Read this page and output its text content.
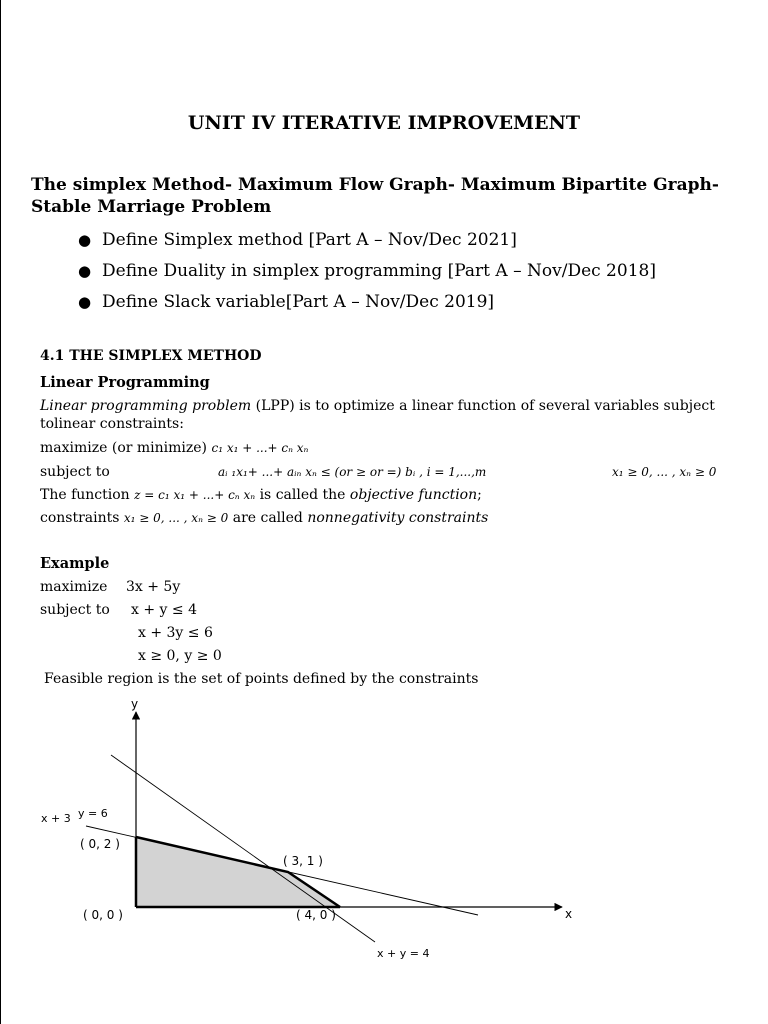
UNIT IV ITERATIVE IMPROVEMENT
The simplex Method- Maximum Flow Graph- Maximum Bipartite Graph- Stable Marriage Problem
● Define Simplex method [Part A – Nov/Dec 2021]
● Define Duality in simplex programming [Part A – Nov/Dec 2018]
● Define Slack variable[Part A – Nov/Dec 2019]
4.1 THE SIMPLEX METHOD
Linear Programming
Linear programming problem (LPP) is to optimize a linear function of several variables subject
tolinear constraints:
maximize (or minimize) c₁ x₁ + ...+ cₙ xₙ
subject to	aᵢ ₁x₁+ ...+ aᵢₙ xₙ ≤ (or ≥ or =) bᵢ , i = 1,...,m	x₁ ≥ 0, ... , xₙ ≥ 0
The function z = c₁ x₁ + ...+ cₙ xₙ is called the objective function;
constraints x₁ ≥ 0, ... , xₙ ≥ 0 are called nonnegativity constraints
Example
maximize 3x + 5y
subject to x + y ≤ 4
x + 3y ≤ 6
x ≥ 0, y ≥ 0
Feasible region is the set of points defined by the constraints
y
x
x + 3 y = 6
x + y = 4
( 0, 2 )
( 3, 1 )
( 0, 0 )	( 4, 0 )
